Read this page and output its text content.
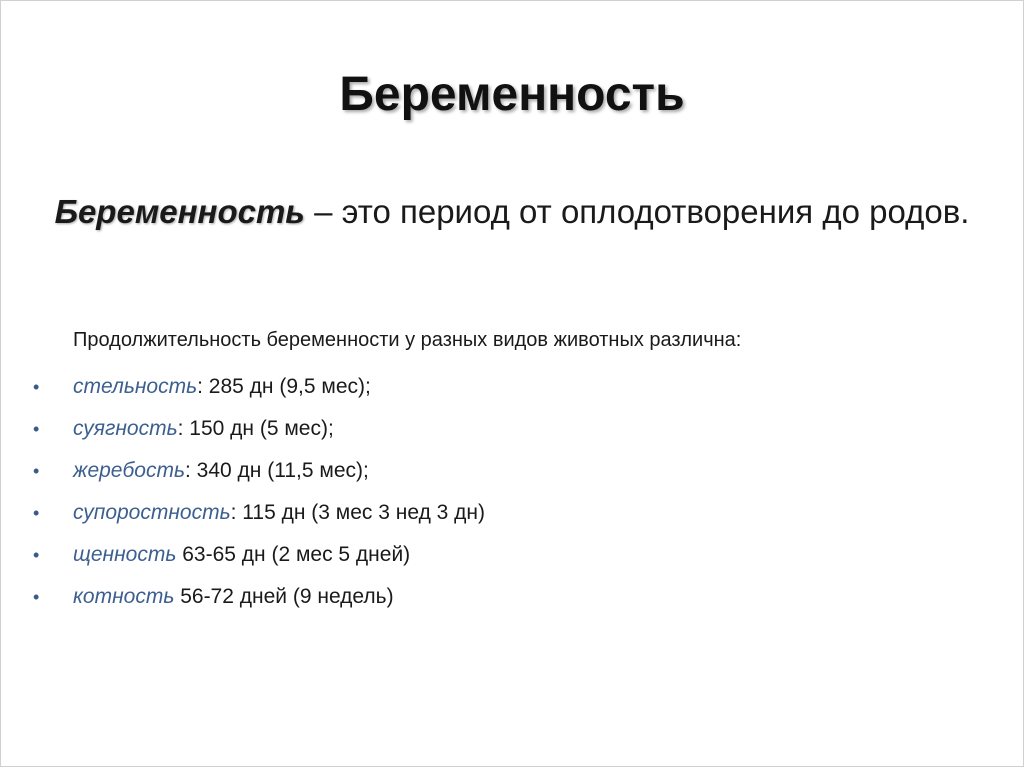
Беременность
Беременность – это период от оплодотворения до родов.
Продолжительность беременности у разных видов животных различна:
• стельность: 285 дн (9,5 мес);
• суягность: 150 дн (5 мес);
• жеребость: 340 дн (11,5 мес);
• супоростность: 115 дн (3 мес 3 нед 3 дн)
• щенность 63-65 дн (2 мес 5 дней)
• котность 56-72 дней (9 недель)
